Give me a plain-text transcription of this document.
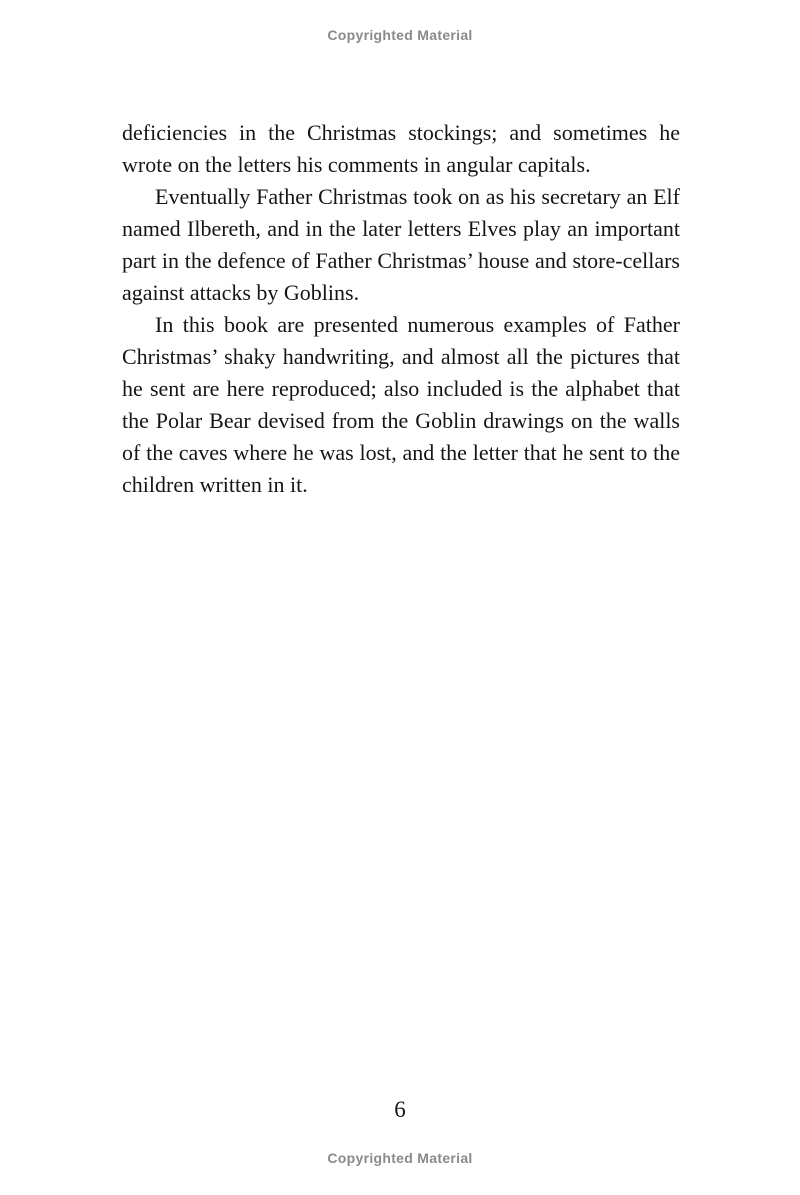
Copyrighted Material

deficiencies in the Christmas stockings; and sometimes he wrote on the letters his comments in angular capitals.

Eventually Father Christmas took on as his secretary an Elf named Ilbereth, and in the later letters Elves play an important part in the defence of Father Christmas’ house and store-cellars against attacks by Goblins.

In this book are presented numerous examples of Father Christmas’ shaky handwriting, and almost all the pictures that he sent are here reproduced; also included is the alphabet that the Polar Bear devised from the Goblin drawings on the walls of the caves where he was lost, and the letter that he sent to the children written in it.

6
Copyrighted Material
